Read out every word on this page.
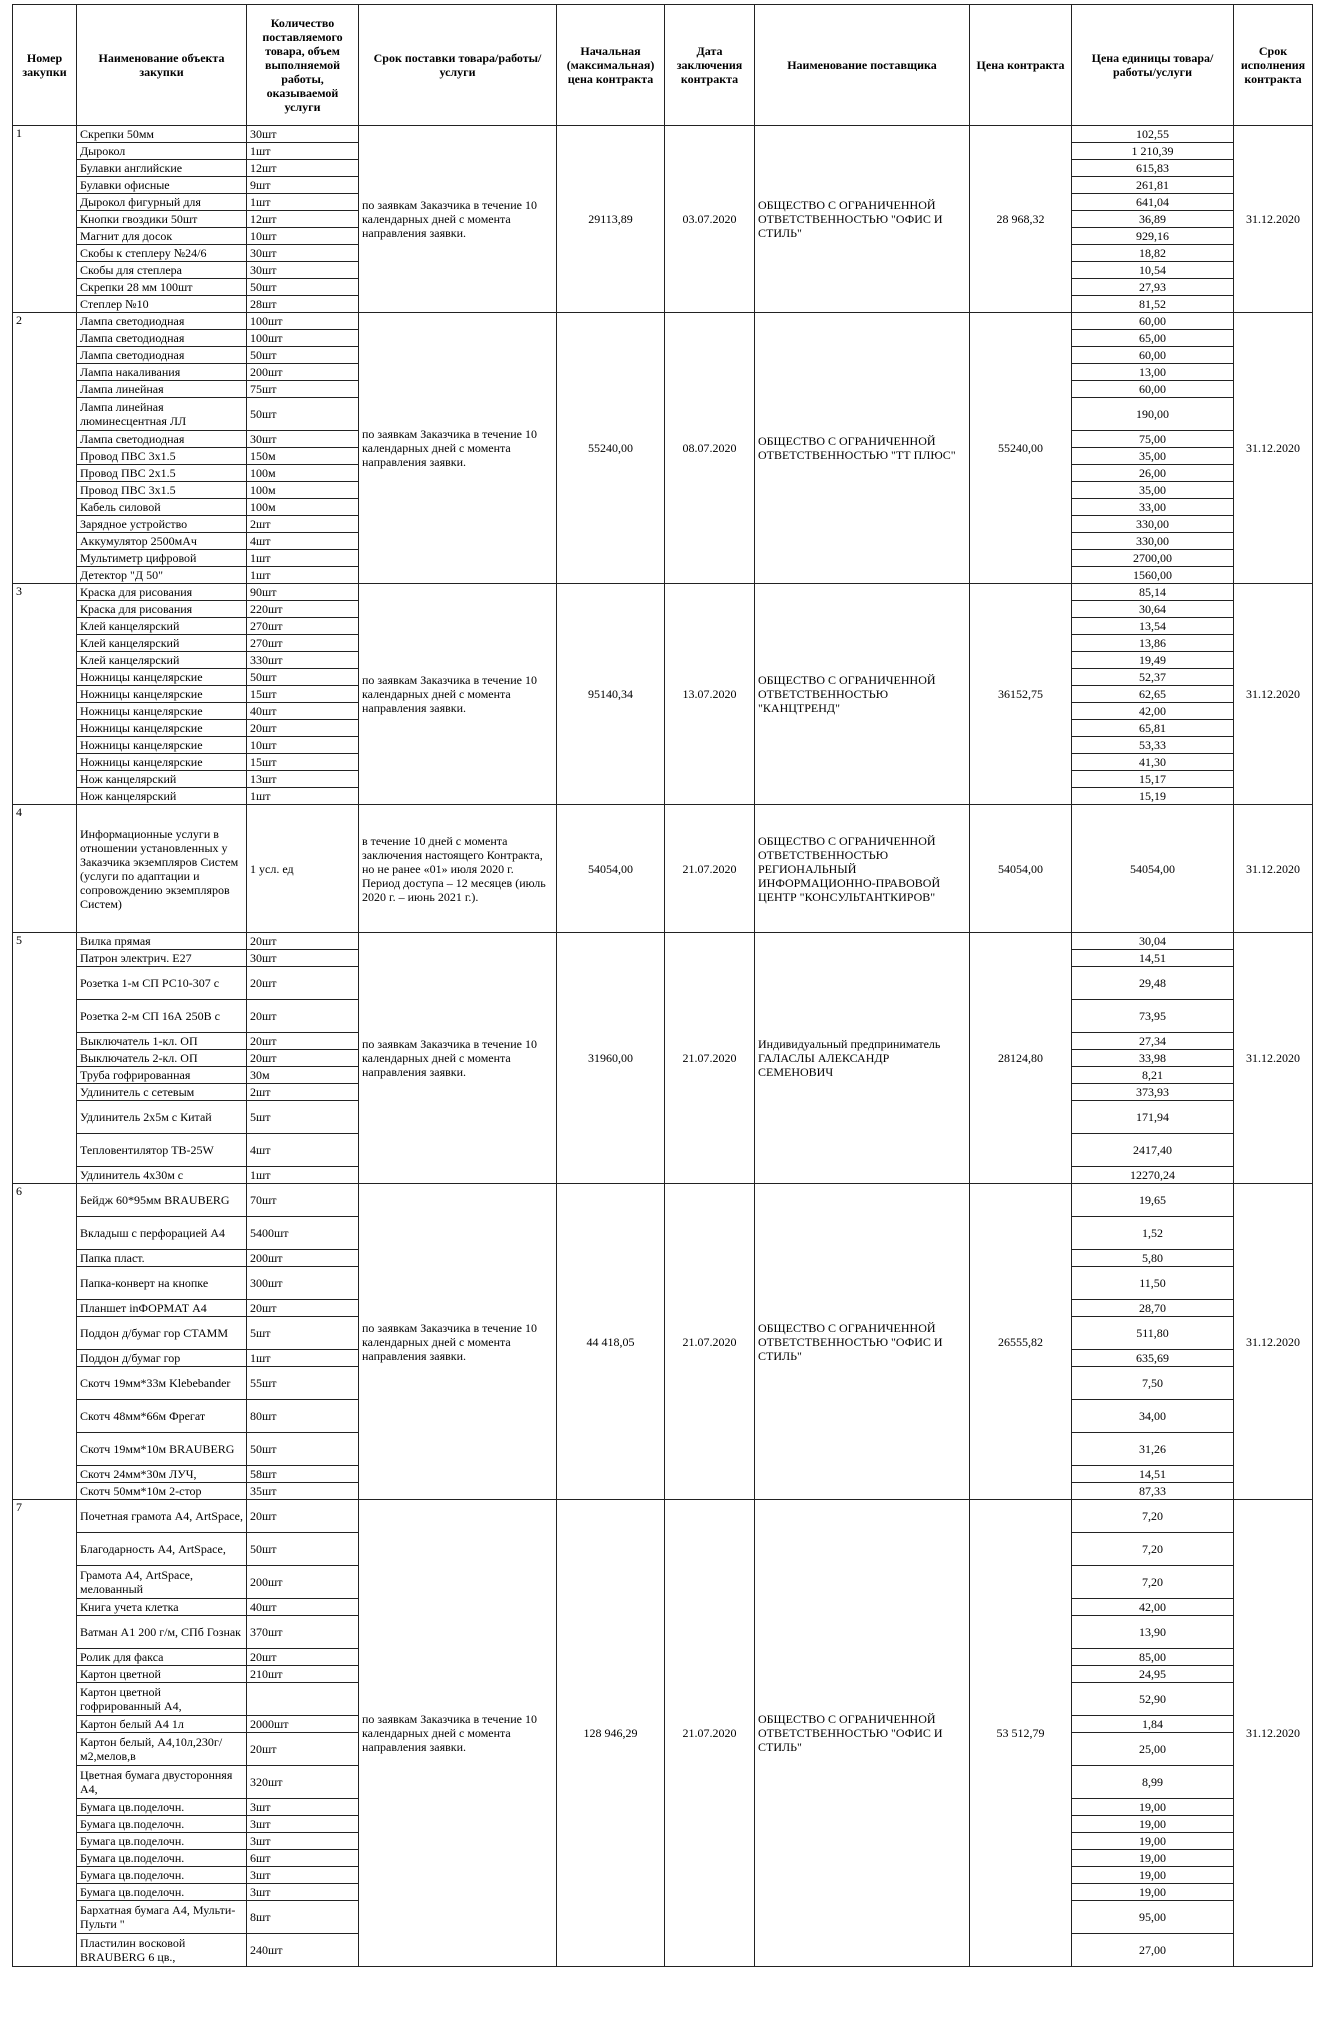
Номер закупки	Наименование объекта закупки	Количество поставляемого товара, объем выполняемой работы, оказываемой услуги	Срок поставки товара/работы/услуги	Начальная (максимальная) цена контракта	Дата заключения контракта	Наименование поставщика	Цена контракта	Цена единицы товара/работы/услуги	Срок исполнения контракта
1	Скрепки 50мм	30шт	по заявкам Заказчика в течение 10 календарных дней с момента направления заявки.	29113,89	03.07.2020	ОБЩЕСТВО С ОГРАНИЧЕННОЙ ОТВЕТСТВЕННОСТЬЮ "ОФИС И СТИЛЬ"	28 968,32	102,55	31.12.2020
	Дырокол	1шт						1 210,39	
	Булавки английские	12шт						615,83	
	Булавки офисные	9шт						261,81	
	Дырокол фигурный для	1шт						641,04	
	Кнопки гвоздики 50шт	12шт						36,89	
	Магнит для досок	10шт						929,16	
	Скобы к степлеру №24/6	30шт						18,82	
	Скобы для степлера	30шт						10,54	
	Скрепки 28 мм 100шт	50шт						27,93	
	Степлер №10	28шт						81,52	
2	Лампа светодиодная	100шт	по заявкам Заказчика в течение 10 календарных дней с момента направления заявки.	55240,00	08.07.2020	ОБЩЕСТВО С ОГРАНИЧЕННОЙ ОТВЕТСТВЕННОСТЬЮ "ТТ ПЛЮС"	55240,00	60,00	31.12.2020
	Лампа светодиодная	100шт						65,00	
	Лампа светодиодная	50шт						60,00	
	Лампа накаливания	200шт						13,00	
	Лампа линейная	75шт						60,00	
	Лампа линейная люминесцентная ЛЛ	50шт						190,00	
	Лампа светодиодная	30шт						75,00	
	Провод ПВС 3х1.5	150м						35,00	
	Провод ПВС 2х1.5	100м						26,00	
	Провод ПВС 3х1.5	100м						35,00	
	Кабель силовой	100м						33,00	
	Зарядное устройство	2шт						330,00	
	Аккумулятор 2500мАч	4шт						330,00	
	Мультиметр цифровой	1шт						2700,00	
	Детектор "Д 50"	1шт						1560,00	
3	Краска для рисования	90шт	по заявкам Заказчика в течение 10 календарных дней с момента направления заявки.	95140,34	13.07.2020	ОБЩЕСТВО С ОГРАНИЧЕННОЙ ОТВЕТСТВЕННОСТЬЮ "КАНЦТРЕНД"	36152,75	85,14	31.12.2020
	Краска для рисования	220шт						30,64	
	Клей канцелярский	270шт						13,54	
	Клей канцелярский	270шт						13,86	
	Клей канцелярский	330шт						19,49	
	Ножницы канцелярские	50шт						52,37	
	Ножницы канцелярские	15шт						62,65	
	Ножницы канцелярские	40шт						42,00	
	Ножницы канцелярские	20шт						65,81	
	Ножницы канцелярские	10шт						53,33	
	Ножницы канцелярские	15шт						41,30	
	Нож канцелярский	13шт						15,17	
	Нож канцелярский	1шт						15,19	
4	Информационные услуги в отношении установленных у Заказчика экземпляров Систем (услуги по адаптации и сопровождению экземпляров Систем)	1 усл. ед	в течение 10 дней с момента заключения настоящего Контракта, но не ранее «01» июля 2020 г. Период доступа – 12 месяцев (июль 2020 г. – июнь 2021 г.).	54054,00	21.07.2020	ОБЩЕСТВО С ОГРАНИЧЕННОЙ ОТВЕТСТВЕННОСТЬЮ РЕГИОНАЛЬНЫЙ ИНФОРМАЦИОННО-ПРАВОВОЙ ЦЕНТР "КОНСУЛЬТАНТКИРОВ"	54054,00	54054,00	31.12.2020
5	Вилка прямая	20шт	по заявкам Заказчика в течение 10 календарных дней с момента направления заявки.	31960,00	21.07.2020	Индивидуальный предприниматель ГАЛАСЛЫ АЛЕКСАНДР СЕМЕНОВИЧ	28124,80	30,04	31.12.2020
	Патрон электрич. Е27	30шт						14,51	
	Розетка 1-м СП РС10-307 с	20шт						29,48	
	Розетка 2-м СП 16А 250В с	20шт						73,95	
	Выключатель 1-кл. ОП	20шт						27,34	
	Выключатель 2-кл. ОП	20шт						33,98	
	Труба гофрированная	30м						8,21	
	Удлинитель с сетевым	2шт						373,93	
	Удлинитель 2х5м с Китай	5шт						171,94	
	Тепловентилятор ТВ-25W	4шт						2417,40	
	Удлинитель 4х30м с	1шт						12270,24	
6	Бейдж 60*95мм BRAUBERG	70шт	по заявкам Заказчика в течение 10 календарных дней с момента направления заявки.	44 418,05	21.07.2020	ОБЩЕСТВО С ОГРАНИЧЕННОЙ ОТВЕТСТВЕННОСТЬЮ "ОФИС И СТИЛЬ"	26555,82	19,65	31.12.2020
	Вкладыш с перфорацией А4	5400шт						1,52	
	Папка пласт.	200шт						5,80	
	Папка-конверт на кнопке	300шт						11,50	
	Планшет inФОРМАТ А4	20шт						28,70	
	Поддон д/бумаг гор СТАММ	5шт						511,80	
	Поддон д/бумаг гор	1шт						635,69	
	Скотч 19мм*33м Klebebander	55шт						7,50	
	Скотч 48мм*66м Фрегат	80шт						34,00	
	Скотч 19мм*10м BRAUBERG	50шт						31,26	
	Скотч 24мм*30м ЛУЧ,	58шт						14,51	
	Скотч 50мм*10м 2-стор	35шт						87,33	
7	Почетная грамота А4, ArtSpace,	20шт	по заявкам Заказчика в течение 10 календарных дней с момента направления заявки.	128 946,29	21.07.2020	ОБЩЕСТВО С ОГРАНИЧЕННОЙ ОТВЕТСТВЕННОСТЬЮ "ОФИС И СТИЛЬ"	53 512,79	7,20	31.12.2020
	Благодарность А4, ArtSpace,	50шт						7,20	
	Грамота А4, ArtSpace, мелованный	200шт						7,20	
	Книга учета клетка	40шт						42,00	
	Ватман А1 200 г/м, СПб Гознак	370шт						13,90	
	Ролик для факса	20шт						85,00	
	Картон цветной	210шт						24,95	
	Картон цветной гофрированный А4,							52,90	
	Картон белый А4 1л	2000шт						1,84	
	Картон белый, А4,10л,230г/м2,мелов,в	20шт						25,00	
	Цветная бумага двусторонняя А4,	320шт						8,99	
	Бумага цв.поделочн.	3шт						19,00	
	Бумага цв.поделочн.	3шт						19,00	
	Бумага цв.поделочн.	3шт						19,00	
	Бумага цв.поделочн.	6шт						19,00	
	Бумага цв.поделочн.	3шт						19,00	
	Бумага цв.поделочн.	3шт						19,00	
	Бархатная бумага А4, Мульти-Пульти "	8шт						95,00	
	Пластилин восковой BRAUBERG 6 цв.,	240шт						27,00	
